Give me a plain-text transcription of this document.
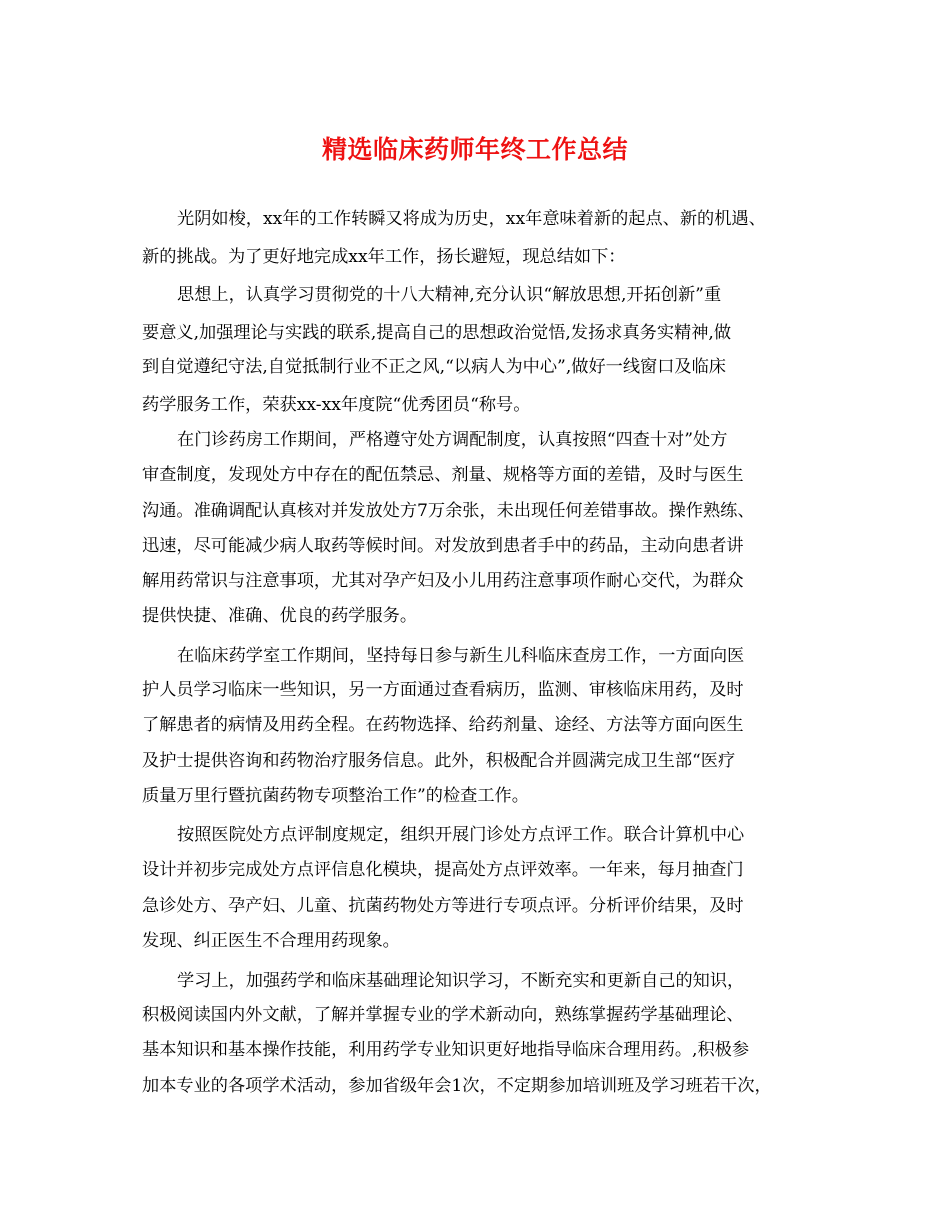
精选临床药师年终工作总结
光阴如梭，xx年的工作转瞬又将成为历史，xx年意味着新的起点、新的机遇、
新的挑战。为了更好地完成xx年工作，扬长避短，现总结如下：
思想上，认真学习贯彻党的十八大精神,充分认识“解放思想,开拓创新”重
要意义,加强理论与实践的联系,提高自己的思想政治觉悟,发扬求真务实精神,做
到自觉遵纪守法,自觉抵制行业不正之风,“以病人为中心”,做好一线窗口及临床
药学服务工作，荣获xx-xx年度院“优秀团员“称号。
在门诊药房工作期间，严格遵守处方调配制度，认真按照“四查十对”处方
审查制度，发现处方中存在的配伍禁忌、剂量、规格等方面的差错，及时与医生
沟通。准确调配认真核对并发放处方7万余张，未出现任何差错事故。操作熟练、
迅速，尽可能减少病人取药等候时间。对发放到患者手中的药品，主动向患者讲
解用药常识与注意事项，尤其对孕产妇及小儿用药注意事项作耐心交代，为群众
提供快捷、准确、优良的药学服务。
在临床药学室工作期间，坚持每日参与新生儿科临床查房工作，一方面向医
护人员学习临床一些知识，另一方面通过查看病历，监测、审核临床用药，及时
了解患者的病情及用药全程。在药物选择、给药剂量、途经、方法等方面向医生
及护士提供咨询和药物治疗服务信息。此外，积极配合并圆满完成卫生部“医疗
质量万里行暨抗菌药物专项整治工作”的检查工作。
按照医院处方点评制度规定，组织开展门诊处方点评工作。联合计算机中心
设计并初步完成处方点评信息化模块，提高处方点评效率。一年来，每月抽查门
急诊处方、孕产妇、儿童、抗菌药物处方等进行专项点评。分析评价结果，及时
发现、纠正医生不合理用药现象。
学习上，加强药学和临床基础理论知识学习，不断充实和更新自己的知识，
积极阅读国内外文献，了解并掌握专业的学术新动向，熟练掌握药学基础理论、
基本知识和基本操作技能，利用药学专业知识更好地指导临床合理用药。,积极参
加本专业的各项学术活动，参加省级年会1次，不定期参加培训班及学习班若干次，
